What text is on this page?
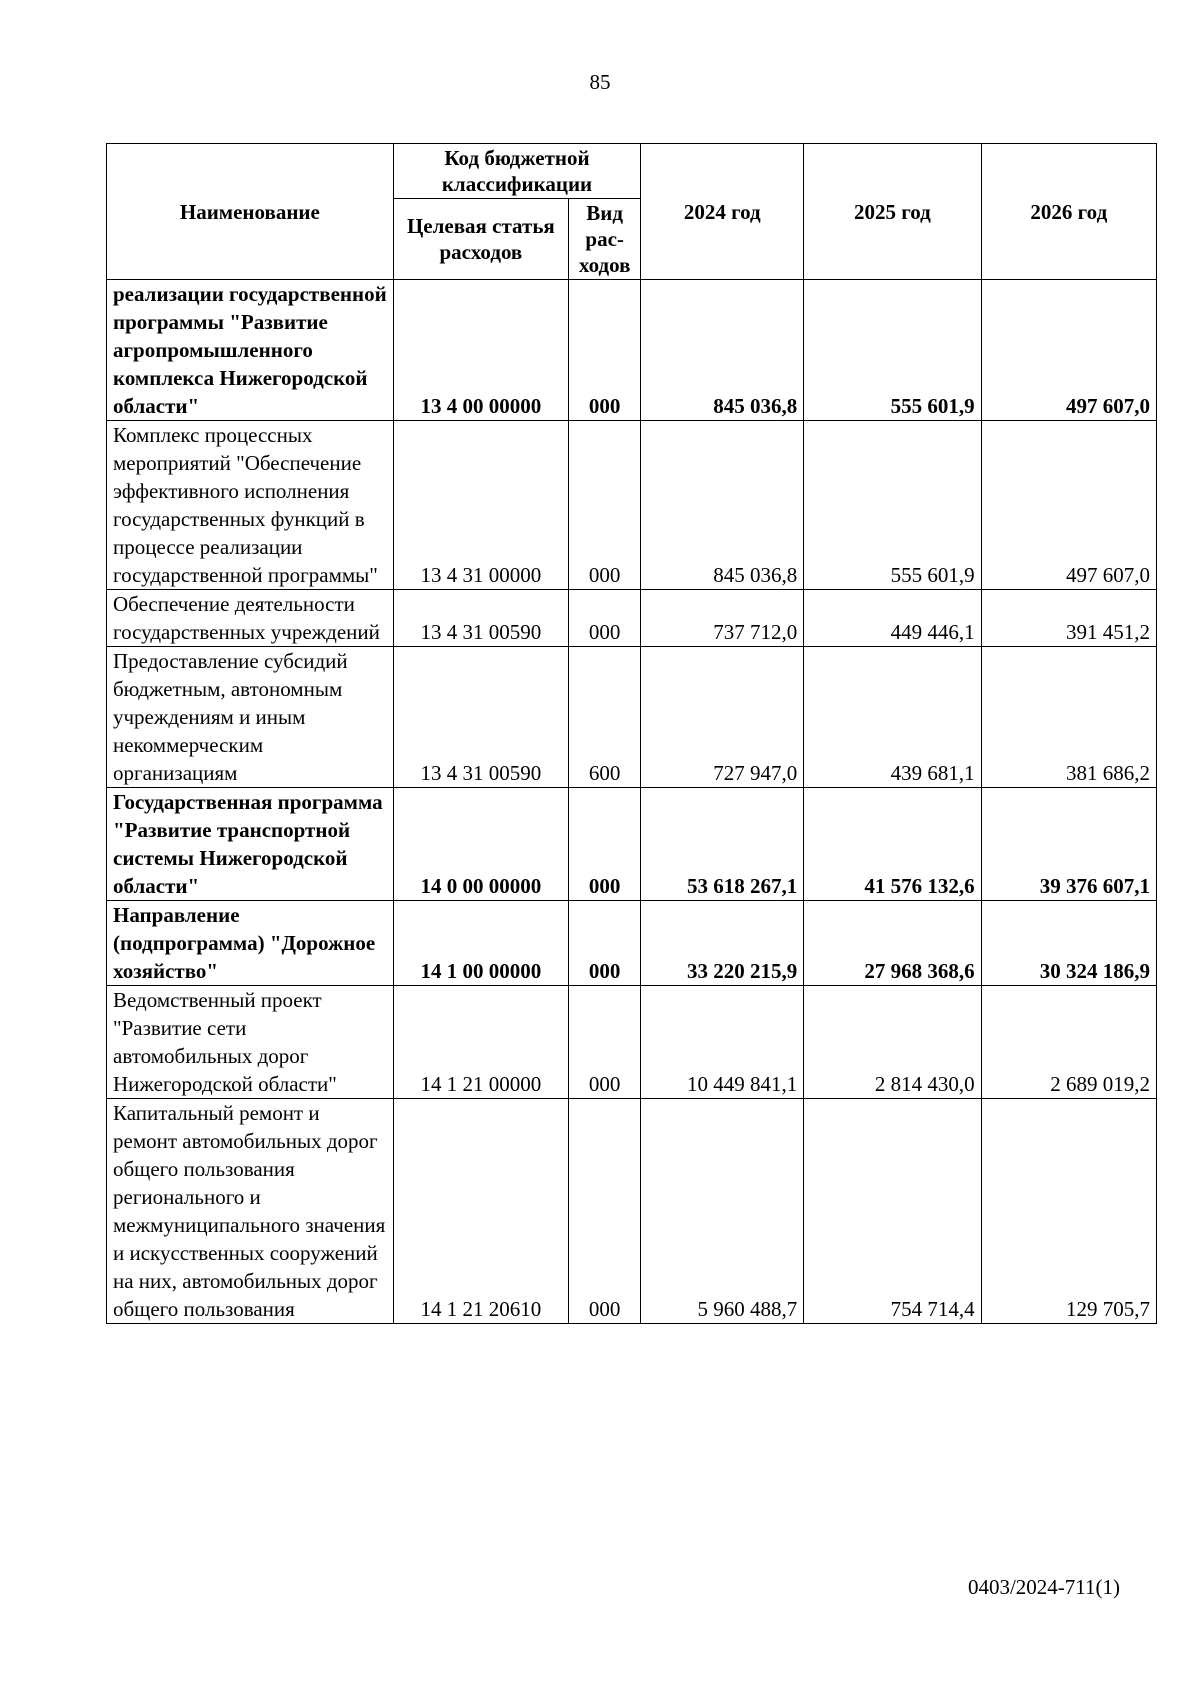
85
Наименование	Код бюджетной классификации		2024 год	2025 год	2026 год
	Целевая статья расходов	Вид рас-ходов			
реализации государственной программы "Развитие агропромышленного комплекса Нижегородской области"	13 4 00 00000	000	845 036,8	555 601,9	497 607,0
Комплекс процессных мероприятий "Обеспечение эффективного исполнения государственных функций в процессе реализации государственной программы"	13 4 31 00000	000	845 036,8	555 601,9	497 607,0
Обеспечение деятельности государственных учреждений	13 4 31 00590	000	737 712,0	449 446,1	391 451,2
Предоставление субсидий бюджетным, автономным учреждениям и иным некоммерческим организациям	13 4 31 00590	600	727 947,0	439 681,1	381 686,2
Государственная программа "Развитие транспортной системы Нижегородской области"	14 0 00 00000	000	53 618 267,1	41 576 132,6	39 376 607,1
Направление (подпрограмма) "Дорожное хозяйство"	14 1 00 00000	000	33 220 215,9	27 968 368,6	30 324 186,9
Ведомственный проект "Развитие сети автомобильных дорог Нижегородской области"	14 1 21 00000	000	10 449 841,1	2 814 430,0	2 689 019,2
Капитальный ремонт и ремонт автомобильных дорог общего пользования регионального и межмуниципального значения и искусственных сооружений на них, автомобильных дорог общего пользования	14 1 21 20610	000	5 960 488,7	754 714,4	129 705,7
0403/2024-711(1)
